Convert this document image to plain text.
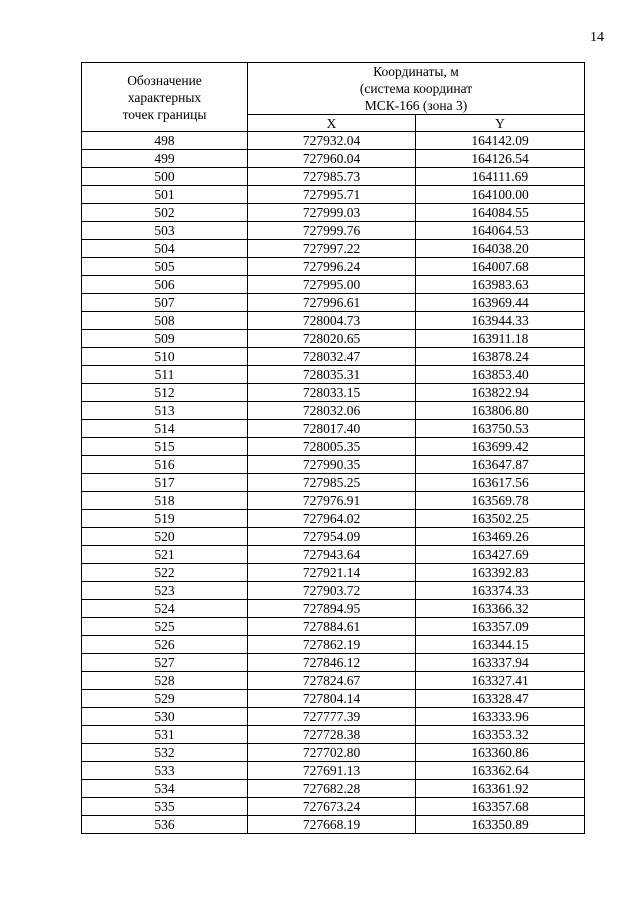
14
Обозначение
характерных
точек границы	Координаты, м
(система координат
МСК-166 (зона 3)	

	X	Y
498	727932.04	164142.09
499	727960.04	164126.54
500	727985.73	164111.69
501	727995.71	164100.00
502	727999.03	164084.55
503	727999.76	164064.53
504	727997.22	164038.20
505	727996.24	164007.68
506	727995.00	163983.63
507	727996.61	163969.44
508	728004.73	163944.33
509	728020.65	163911.18
510	728032.47	163878.24
511	728035.31	163853.40
512	728033.15	163822.94
513	728032.06	163806.80
514	728017.40	163750.53
515	728005.35	163699.42
516	727990.35	163647.87
517	727985.25	163617.56
518	727976.91	163569.78
519	727964.02	163502.25
520	727954.09	163469.26
521	727943.64	163427.69
522	727921.14	163392.83
523	727903.72	163374.33
524	727894.95	163366.32
525	727884.61	163357.09
526	727862.19	163344.15
527	727846.12	163337.94
528	727824.67	163327.41
529	727804.14	163328.47
530	727777.39	163333.96
531	727728.38	163353.32
532	727702.80	163360.86
533	727691.13	163362.64
534	727682.28	163361.92
535	727673.24	163357.68
536	727668.19	163350.89
